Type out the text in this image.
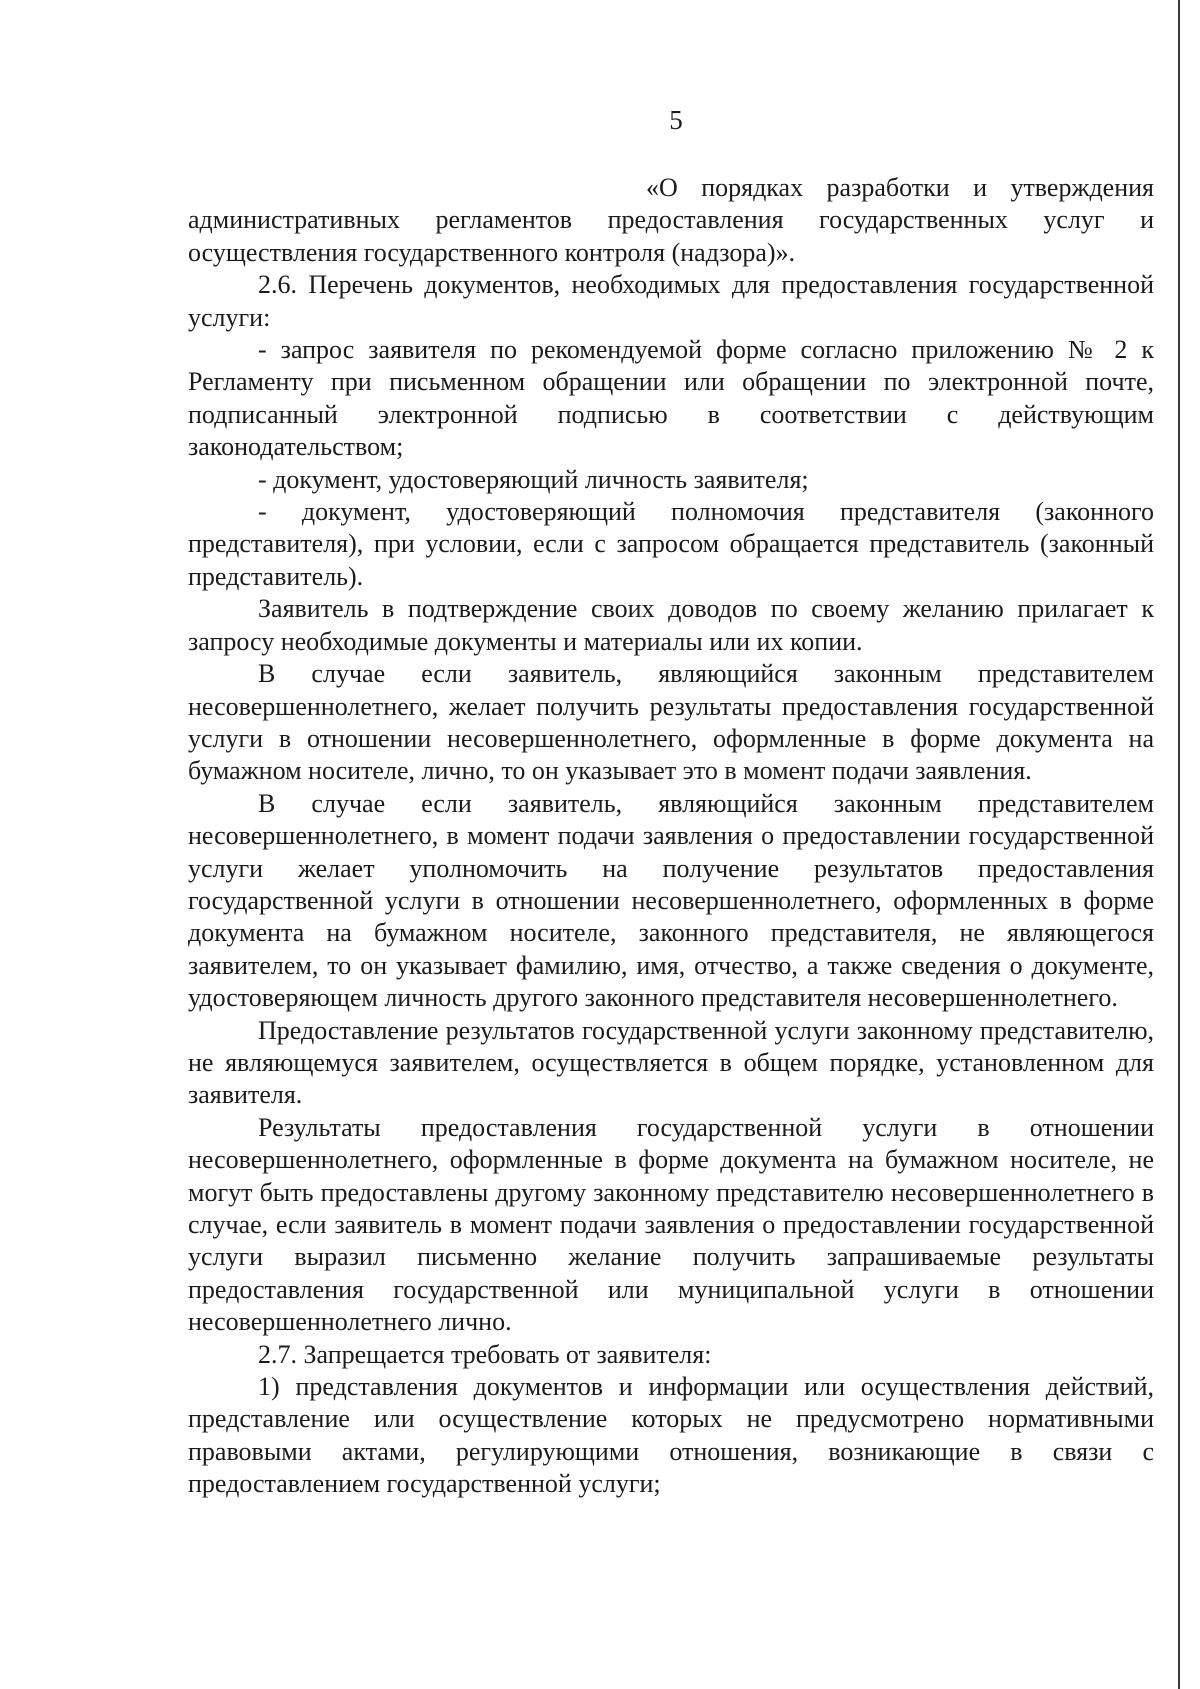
5

«О порядках разработки и утверждения административных регламентов предоставления государственных услуг и осуществления государственного контроля (надзора)».

2.6. Перечень документов, необходимых для предоставления государственной услуги:

- запрос заявителя по рекомендуемой форме согласно приложению № 2 к Регламенту при письменном обращении или обращении по электронной почте, подписанный электронной подписью в соответствии с действующим законодательством;

- документ, удостоверяющий личность заявителя;

- документ, удостоверяющий полномочия представителя (законного представителя), при условии, если с запросом обращается представитель (законный представитель).

Заявитель в подтверждение своих доводов по своему желанию прилагает к запросу необходимые документы и материалы или их копии.

В случае если заявитель, являющийся законным представителем несовершеннолетнего, желает получить результаты предоставления государственной услуги в отношении несовершеннолетнего, оформленные в форме документа на бумажном носителе, лично, то он указывает это в момент подачи заявления.

В случае если заявитель, являющийся законным представителем несовершеннолетнего, в момент подачи заявления о предоставлении государственной услуги желает уполномочить на получение результатов предоставления государственной услуги в отношении несовершеннолетнего, оформленных в форме документа на бумажном носителе, законного представителя, не являющегося заявителем, то он указывает фамилию, имя, отчество, а также сведения о документе, удостоверяющем личность другого законного представителя несовершеннолетнего.

Предоставление результатов государственной услуги законному представителю, не являющемуся заявителем, осуществляется в общем порядке, установленном для заявителя.

Результаты предоставления государственной услуги в отношении несовершеннолетнего, оформленные в форме документа на бумажном носителе, не могут быть предоставлены другому законному представителю несовершеннолетнего в случае, если заявитель в момент подачи заявления о предоставлении государственной услуги выразил письменно желание получить запрашиваемые результаты предоставления государственной или муниципальной услуги в отношении несовершеннолетнего лично.

2.7. Запрещается требовать от заявителя:

1) представления документов и информации или осуществления действий, представление или осуществление которых не предусмотрено нормативными правовыми актами, регулирующими отношения, возникающие в связи с предоставлением государственной услуги;
